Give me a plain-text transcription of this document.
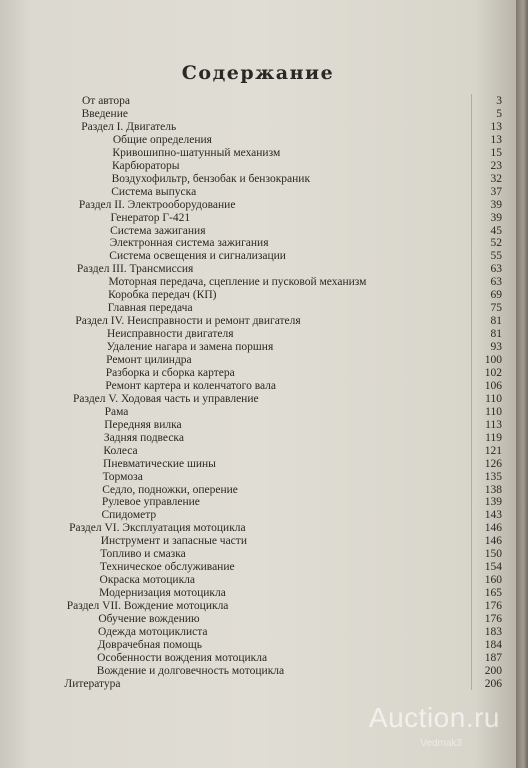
Содержание
От автора	3
Введение	5
Раздел I. Двигатель	13
Общие определения	13
Кривошипно-шатунный механизм	15
Карбюраторы	23
Воздухофильтр, бензобак и бензокраник	32
Система выпуска	37
Раздел II. Электрооборудование	39
Генератор Г-421	39
Система зажигания	45
Электронная система зажигания	52
Система освещения и сигнализации	55
Раздел III. Трансмиссия	63
Моторная передача, сцепление и пусковой механизм	63
Коробка передач (КП)	69
Главная передача	75
Раздел IV. Неисправности и ремонт двигателя	81
Неисправности двигателя	81
Удаление нагара и замена поршня	93
Ремонт цилиндра	100
Разборка и сборка картера	102
Ремонт картера и коленчатого вала	106
Раздел V. Ходовая часть и управление	110
Рама	110
Передняя вилка	113
Задняя подвеска	119
Колеса	121
Пневматические шины	126
Тормоза	135
Седло, подножки, оперение	138
Рулевое управление	139
Спидометр	143
Раздел VI. Эксплуатация мотоцикла	146
Инструмент и запасные части	146
Топливо и смазка	150
Техническое обслуживание	154
Окраска мотоцикла	160
Модернизация мотоцикла	165
Раздел VII. Вождение мотоцикла	176
Обучение вождению	176
Одежда мотоциклиста	183
Доврачебная помощь	184
Особенности вождения мотоцикла	187
Вождение и долговечность мотоцикла	200
Литература	206
Auction.ru
Vedmak3
